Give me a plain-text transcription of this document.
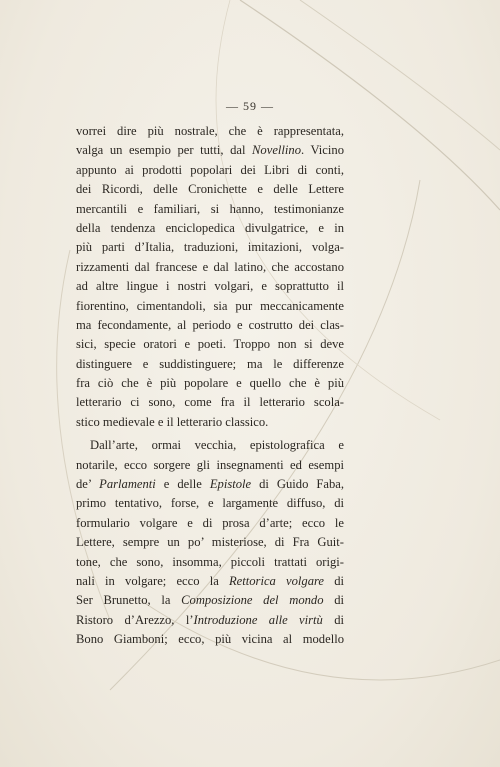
— 59 —
vorrei dire più nostrale, che è rappresentata,
valga un esempio per tutti, dal Novellino. Vicino
appunto ai prodotti popolari dei Libri di conti,
dei Ricordi, delle Cronichette e delle Lettere
mercantili e familiari, si hanno, testimonianze
della tendenza enciclopedica divulgatrice, e in
più parti d’Italia, traduzioni, imitazioni, volga-
rizzamenti dal francese e dal latino, che accostano
ad altre lingue i nostri volgari, e soprattutto il
fiorentino, cimentandoli, sia pur meccanicamente
ma fecondamente, al periodo e costrutto dei clas-
sici, specie oratori e poeti. Troppo non si deve
distinguere e suddistinguere; ma le differenze
fra ciò che è più popolare e quello che è più
letterario ci sono, come fra il letterario scola-
stico medievale e il letterario classico.
Dall’arte, ormai vecchia, epistolografica e
notarile, ecco sorgere gli insegnamenti ed esempi
de’ Parlamenti e delle Epistole di Guido Faba,
primo tentativo, forse, e largamente diffuso, di
formulario volgare e di prosa d’arte; ecco le
Lettere, sempre un po’ misteriose, di Fra Guit-
tone, che sono, insomma, piccoli trattati origi-
nali in volgare; ecco la Rettorica volgare di
Ser Brunetto, la Composizione del mondo di
Ristoro d’Arezzo, l’Introduzione alle virtù di
Bono Giamboni; ecco, più vicina al modello
